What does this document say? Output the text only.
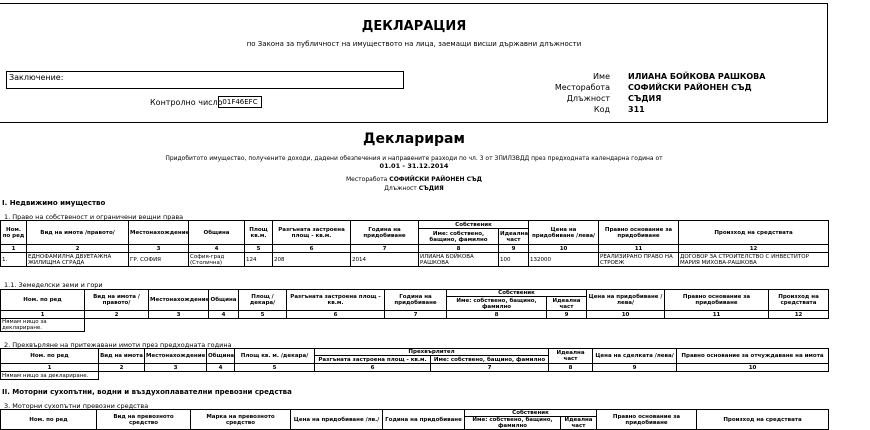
ДЕКЛАРАЦИЯ
по Закона за публичност на имуществото на лица, заемащи висши държавни длъжности
Заключение:
Контролно число 01F46EFC
Име ИЛИАНА БОЙКОВА РАШКОВА
Месторабота СОФИЙСКИ РАЙОНЕН СЪД
Длъжност СЪДИЯ
Код 311
Декларирам
Придобитото имущество, получените доходи, дадени обезпечения и направените разходи по чл. 3 от ЗПИЛЗВДД през предходната календарна година от
01.01 - 31.12.2014
Месторабота СОФИЙСКИ РАЙОНЕН СЪД
Длъжност СЪДИЯ
I. Недвижимо имущество
1. Право на собственост и ограничени вещни права
Ном. по ред	Вид на имота /правото/	Местонахождение	Община	Площ кв.м.	Разгъната застроена площ - кв.м.	Година на придобиване	Собственик		Цена на придобиване /лева/	Правно основание за придобиване	Произход на средствата
							Име: собствено, бащино, фамилно	Идеална част			
1	2	3	4	5	6	7	8	9	10	11	12
1.	ЕДНОФАМИЛНА ДВУЕТАЖНА ЖИЛИЩНА СГРАДА	ГР. СОФИЯ	София-град (Столична)	124	208	2014	ИЛИАНА БОЙКОВА РАШКОВА	100	132000	РЕАЛИЗИРАНО ПРАВО НА СТРОЕЖ	ДОГОВОР ЗА СТРОИТЕЛСТВО С ИНВЕСТИТОР МАРИЯ МИХОВА-РАШКОВА
1.1. Земеделски земи и гори
Ном. по ред	Вид на имота / правото/	Местонахождение	Община	Площ / декара/	Разгъната застроена площ - кв.м.	Година на придобиване	Собственик		Цена на придобиване / лева/	Правно основание за придобиване	Произход на средствата
							Име: собствено, бащино, фамилно	Идеална част			
1	2	3	4	5	6	7	8	9	10	11	12
Нямам нищо за деклариране.											
2. Прехвърляне на притежавани имоти през предходната година
Ном. по ред	Вид на имота	Местонахождение	Община	Площ кв. м. /декара/	Прехвърлител		Идеална част	Цена на сделката /лева/	Правно основание за отчуждаване на имота
					Разгъната застроена площ - кв.м.	Име: собствено, бащино, фамилно			
1	2	3	4	5	6	7	8	9	10
Нямам нищо за деклариране.									
II. Моторни сухопътни, водни и въздухоплавателни превозни средства
3. Моторни сухопътни превозни средства
Ном. по ред	Вид на превозното средство	Марка на превозното средство	Цена на придобиване /лв./	Година на придобиване	Собственик		Правно основание за придобиване	Произход на средствата
					Име: собствено, бащино, фамилно	Идеална част		
